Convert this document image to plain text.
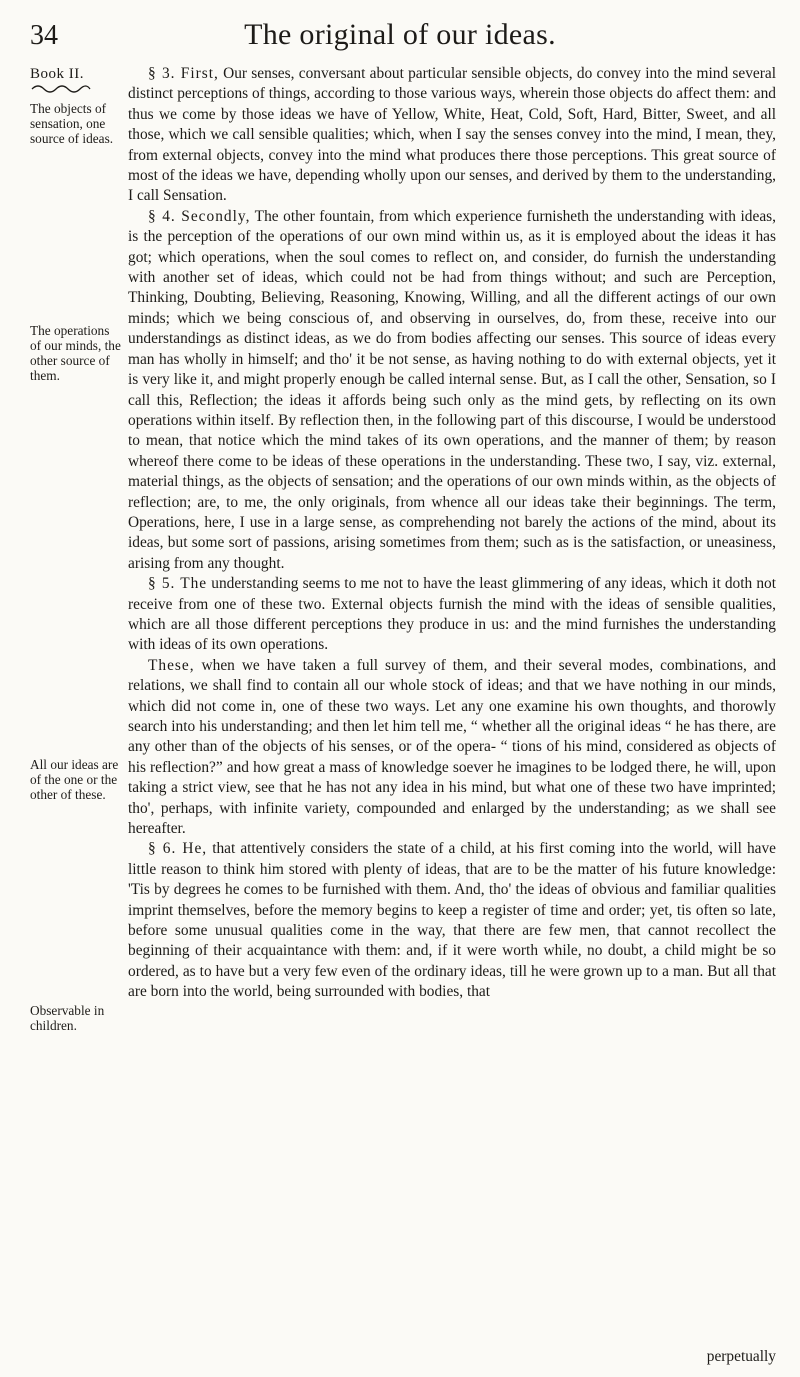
34	The original of our ideas.
Book II.
The objects of sensation, one source of ideas.
The operations of our minds, the other source of them.
All our ideas are of the one or the other of these.
Observable in children.

§ 3. First, Our senses, conversant about particular sensible objects, do convey into the mind several distinct perceptions of things, according to those various ways, wherein those objects do affect them: and thus we come by those ideas we have of Yellow, White, Heat, Cold, Soft, Hard, Bitter, Sweet, and all those, which we call sensible qualities; which, when I say the senses convey into the mind, I mean, they, from external objects, convey into the mind what produces there those perceptions. This great source of most of the ideas we have, depending wholly upon our senses, and derived by them to the understanding, I call Sensation.

§ 4. Secondly, The other fountain, from which experience furnisheth the understanding with ideas, is the perception of the operations of our own mind within us, as it is employed about the ideas it has got; which operations, when the soul comes to reflect on, and consider, do furnish the understanding with another set of ideas, which could not be had from things without; and such are Perception, Thinking, Doubting, Believing, Reasoning, Knowing, Willing, and all the different actings of our own minds; which we being conscious of, and observing in ourselves, do, from these, receive into our understandings as distinct ideas, as we do from bodies affecting our senses. This source of ideas every man has wholly in himself; and tho' it be not sense, as having nothing to do with external objects, yet it is very like it, and might properly enough be called internal sense. But, as I call the other, Sensation, so I call this, Reflection; the ideas it affords being such only as the mind gets, by reflecting on its own operations within itself. By reflection then, in the following part of this discourse, I would be understood to mean, that notice which the mind takes of its own operations, and the manner of them; by reason whereof there come to be ideas of these operations in the understanding. These two, I say, viz. external, material things, as the objects of sensation; and the operations of our own minds within, as the objects of reflection; are, to me, the only originals, from whence all our ideas take their beginnings. The term, Operations, here, I use in a large sense, as comprehending not barely the actions of the mind, about its ideas, but some sort of passions, arising sometimes from them; such as is the satisfaction, or uneasiness, arising from any thought.

§ 5. The understanding seems to me not to have the least glimmering of any ideas, which it doth not receive from one of these two. External objects furnish the mind with the ideas of sensible qualities, which are all those different perceptions they produce in us: and the mind furnishes the understanding with ideas of its own operations.

These, when we have taken a full survey of them, and their several modes, combinations, and relations, we shall find to contain all our whole stock of ideas; and that we have nothing in our minds, which did not come in, one of these two ways. Let any one examine his own thoughts, and thorowly search into his understanding; and then let him tell me, “ whether all the original ideas “ he has there, are any other than of the objects of his senses, or of the opera- “ tions of his mind, considered as objects of his reflection?” and how great a mass of knowledge soever he imagines to be lodged there, he will, upon taking a strict view, see that he has not any idea in his mind, but what one of these two have imprinted; tho', perhaps, with infinite variety, compounded and enlarged by the understanding; as we shall see hereafter.

§ 6. He, that attentively considers the state of a child, at his first coming into the world, will have little reason to think him stored with plenty of ideas, that are to be the matter of his future knowledge: 'Tis by degrees he comes to be furnished with them. And, tho' the ideas of obvious and familiar qualities imprint themselves, before the memory begins to keep a register of time and order; yet, tis often so late, before some unusual qualities come in the way, that there are few men, that cannot recollect the beginning of their acquaintance with them: and, if it were worth while, no doubt, a child might be so ordered, as to have but a very few even of the ordinary ideas, till he were grown up to a man. But all that are born into the world, being surrounded with bodies, that

perpetually
